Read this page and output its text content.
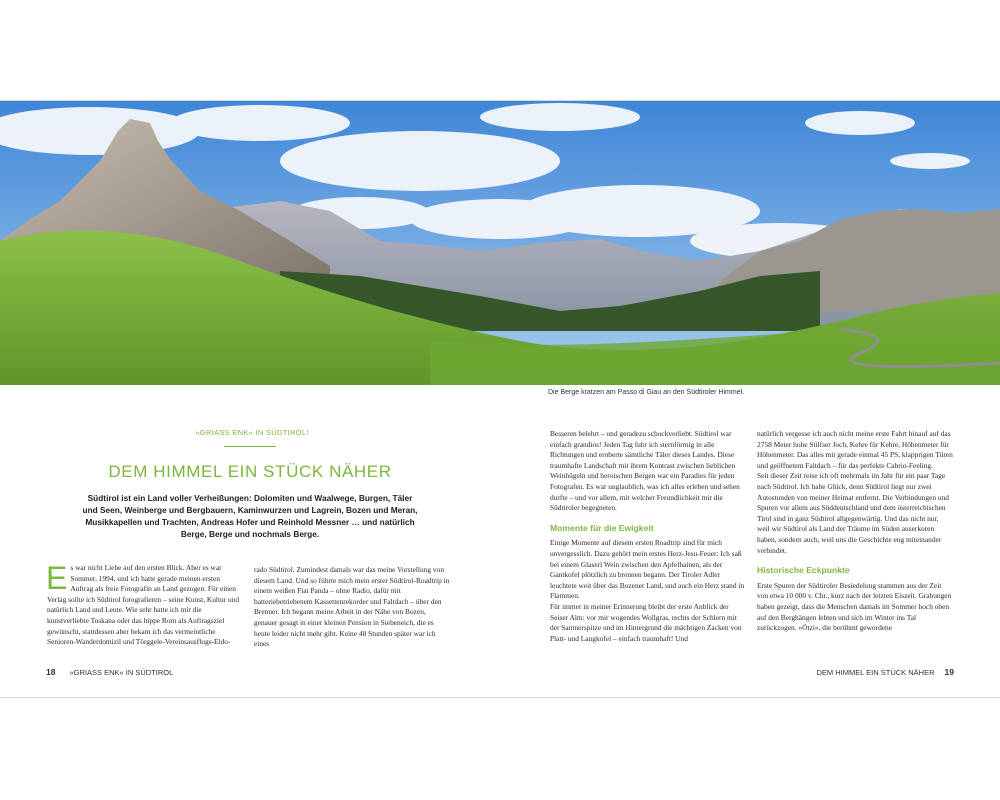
Die Berge kratzen am Passo di Giau an den Südtiroler Himmel.
»GRIASS ENK« IN SÜDTIROL!
DEM HIMMEL EIN STÜCK NÄHER
Südtirol ist ein Land voller Verheißungen: Dolomiten und Waalwege, Burgen, Täler und Seen, Weinberge und Bergbauern, Kaminwurzen und Lagrein, Bozen und Meran, Musikkapellen und Trachten, Andreas Hofer und Reinhold Messner … und natürlich Berge, Berge und nochmals Berge.
E s war nicht Liebe auf den ersten Blick. Aber es war Sommer, 1994, und ich hatte gerade meinen ersten Auftrag als freie Fotografin an Land gezogen. Für einen Verlag sollte ich Südtirol fotografieren – seine Kunst, Kultur und natürlich Land und Leute. Wie sehr hatte ich mir die kunstverliebte Toskana oder das hippe Rom als Auftragsziel gewünscht, stattdessen aber bekam ich das vermeintliche Senioren-Wanderdomizil und Törggele-Vereinsausflugs-Eldo-

rado Südtirol. Zumindest damals war das meine Vorstellung von diesem Land. Und so führte mich mein erster Südtirol-Roadtrip in einem weißen Fiat Panda – ohne Radio, dafür mit batteriebetriebenem Kassettenrekorder und Faltdach – über den Brenner. Ich begann meine Arbeit in der Nähe von Bozen, genauer gesagt in einer kleinen Pension in Siebeneich, die es heute leider nicht mehr gibt. Keine 48 Stunden später war ich eines

Besseren belehrt – und geradezu schockverliebt. Südtirol war einfach grandios! Jeden Tag fuhr ich sternförmig in alle Richtungen und eroberte sämtliche Täler dieses Landes. Diese traumhafte Landschaft mit ihrem Kontrast zwischen lieblichen Weinhügeln und heroischen Bergen war ein Paradies für jeden Fotografen. Es war unglaublich, was ich alles erleben und sehen durfte – und vor allem, mit welcher Freundlichkeit mir die Südtiroler begegneten.

Momente für die Ewigkeit

Einige Momente auf diesem ersten Roadtrip sind für mich unvergesslich. Dazu gehört mein erstes Herz-Jesu-Feuer: Ich saß bei einem Glaserl Wein zwischen den Apfelhainen, als der Gantkofel plötzlich zu brennen begann. Der Tiroler Adler leuchtete weit über das Bozener Land, und auch ein Herz stand in Flammen.

Für immer in meiner Erinnerung bleibt der erste Anblick der Seiser Alm: vor mir wogendes Wollgras, rechts der Schlern mit der Santnerspitze und im Hintergrund die mächtigen Zacken von Platt- und Langkofel – einfach traumhaft! Und

natürlich vergesse ich auch nicht meine erste Fahrt hinauf auf das 2758 Meter hohe Stilfser Joch, Kehre für Kehre, Höhenmeter für Höhenmeter. Das alles mit gerade einmal 45 PS, klapprigen Türen und geöffnetem Faltdach – für das perfekte Cabrio-Feeling.

Seit dieser Zeit reise ich oft mehrmals im Jahr für ein paar Tage nach Südtirol. Ich habe Glück, denn Südtirol liegt nur zwei Autostunden von meiner Heimat entfernt. Die Verbindungen und Spuren vor allem aus Süddeutschland und dem österreichischen Tirol sind in ganz Südtirol allgegenwärtig. Und das nicht nur, weil wir Südtirol als Land der Träume im Süden auserkoren haben, sondern auch, weil uns die Geschichte eng miteinander verbindet.

Historische Eckpunkte

Erste Spuren der Südtiroler Besiedelung stammen aus der Zeit von etwa 10 000 v. Chr., kurz nach der letzten Eiszeit. Grabungen haben gezeigt, dass die Menschen damals im Sommer hoch oben auf den Berghängen lebten und sich im Winter ins Tal zurückzogen. »Ötzi«, die berühmt gewordene

18 »GRIASS ENK« IN SÜDTIROL	DEM HIMMEL EIN STÜCK NÄHER 19
